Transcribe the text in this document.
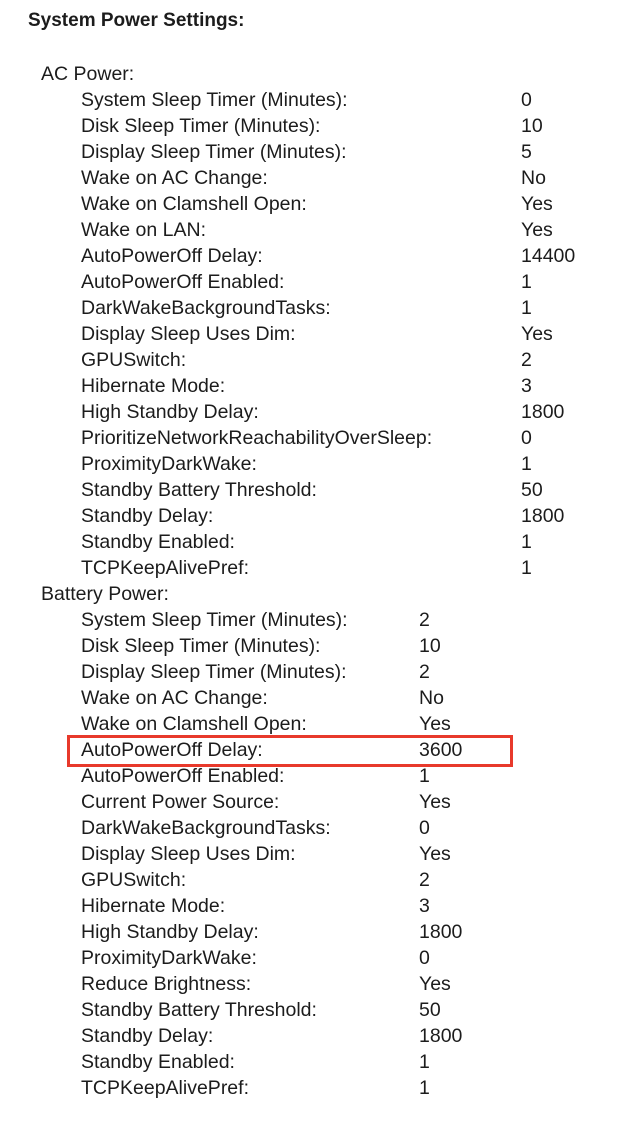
System Power Settings:
AC Power:
System Sleep Timer (Minutes):	0
Disk Sleep Timer (Minutes):	10
Display Sleep Timer (Minutes):	5
Wake on AC Change:	No
Wake on Clamshell Open:	Yes
Wake on LAN:	Yes
AutoPowerOff Delay:	14400
AutoPowerOff Enabled:	1
DarkWakeBackgroundTasks:	1
Display Sleep Uses Dim:	Yes
GPUSwitch:	2
Hibernate Mode:	3
High Standby Delay:	1800
PrioritizeNetworkReachabilityOverSleep:	0
ProximityDarkWake:	1
Standby Battery Threshold:	50
Standby Delay:	1800
Standby Enabled:	1
TCPKeepAlivePref:	1
Battery Power:
System Sleep Timer (Minutes):	2
Disk Sleep Timer (Minutes):	10
Display Sleep Timer (Minutes):	2
Wake on AC Change:	No
Wake on Clamshell Open:	Yes
AutoPowerOff Delay:	3600
AutoPowerOff Enabled:	1
Current Power Source:	Yes
DarkWakeBackgroundTasks:	0
Display Sleep Uses Dim:	Yes
GPUSwitch:	2
Hibernate Mode:	3
High Standby Delay:	1800
ProximityDarkWake:	0
Reduce Brightness:	Yes
Standby Battery Threshold:	50
Standby Delay:	1800
Standby Enabled:	1
TCPKeepAlivePref:	1
